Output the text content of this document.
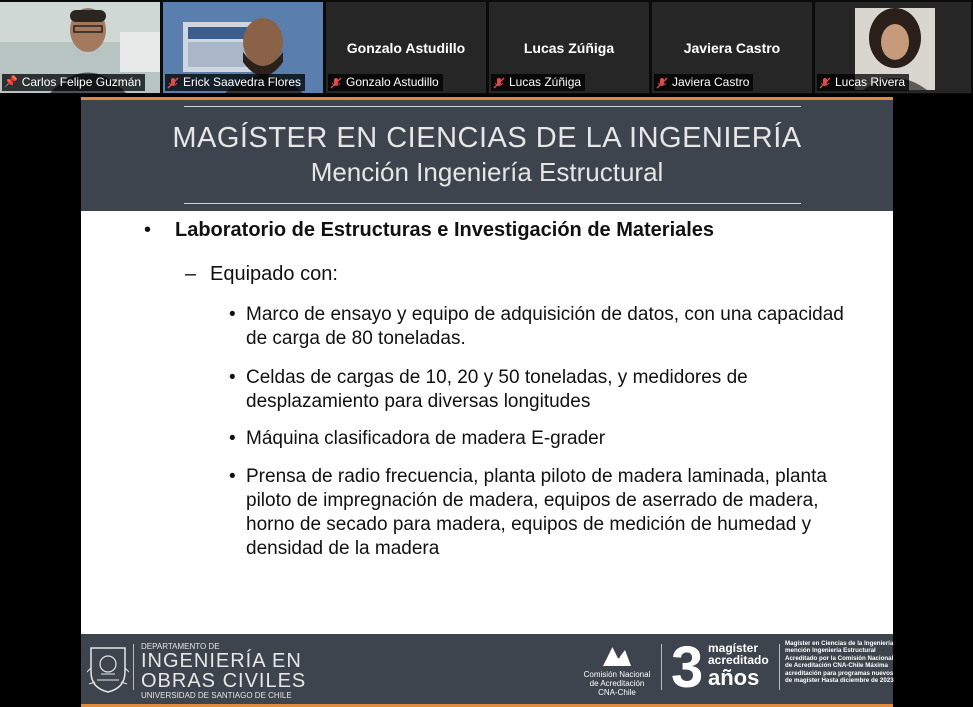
📌 Carlos Felipe Guzmán	Erick Saavedra Flores
Gonzalo Astudillo
Gonzalo Astudillo
Lucas Zúñiga
Lucas Zúñiga
Javiera Castro
Javiera Castro	Lucas Rivera
MAGÍSTER EN CIENCIAS DE LA INGENIERÍA
Mención Ingeniería Estructural
• Laboratorio de Estructuras e Investigación de Materiales
– Equipado con:
• Marco de ensayo y equipo de adquisición de datos, con una capacidad de carga de 80 toneladas.
• Celdas de cargas de 10, 20 y 50 toneladas, y medidores de desplazamiento para diversas longitudes
• Máquina clasificadora de madera E-grader
• Prensa de radio frecuencia, planta piloto de madera laminada, planta piloto de impregnación de madera, equipos de aserrado de madera, horno de secado para madera, equipos de medición de humedad y densidad de la madera
DEPARTAMENTO DE
INGENIERÍA EN
OBRAS CIVILES
UNIVERSIDAD DE SANTIAGO DE CHILE
Comisión Nacional
de Acreditación
CNA-Chile 3 magíster
acreditado
años
Magíster en Ciencias de la Ingeniería mención Ingeniería Estructural Acreditado por la Comisión Nacional de Acreditación CNA-Chile Máxima acreditación para programas nuevos de magíster Hasta diciembre de 2023
